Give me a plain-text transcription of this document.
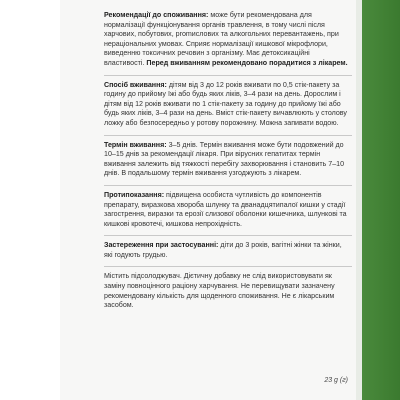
Рекомендації до споживання: може бути рекомендована для нормалізації функціонування органів травлення, в тому числі після харчових, побутових, promислових та алкогольних перевантажень, при нераціональних умовах. Сприяє нормалізації кишкової мікрофлори, виведенню токсичних речовин з організму. Має детоксикаційні властивості. Перед вживанням рекомендовано порадитися з лікарем.
Спосіб вживання: дітям від 3 до 12 років вживати по 0,5 стік-пакету за годину до прийому їжі або будь яких ліків, 3–4 рази на день. Дорослим і дітям від 12 років вживати по 1 стік-пакету за годину до прийому їжі або будь яких ліків, 3–4 рази на день. Вміст стік-пакету вичавлюють у столову ложку або безпосередньо у ротову порожнину. Можна запивати водою.
Термін вживання: 3–5 днів. Термін вживання може бути подовжений до 10–15 днів за рекомендації лікаря. При вірусних гепатитах термін вживання залежить від тяжкості перебігу захворювання і становить 7–10 днів. В подальшому термін вживання узгоджують з лікарем.
Протипоказання: підвищена особиста чутливість до компонентів препарату, виразкова хвороба шлунку та дванадцятипалої кишки у стадії загострення, виразки та ерозії слизової оболонки кишечника, шлункові та кишкові кровотечі, кишкова непрохідність.
Застереження при застосуванні: діти до 3 років, вагітні жінки та жінки, які годують грудью.
Містить підсолоджувач. Дієтичну добавку не слід використовувати як заміну повноцінного раціону харчування. Не перевищувати зазначену рекомендовану кількість для щоденного споживання. Не є лікарським засобом.
23 g (г)
